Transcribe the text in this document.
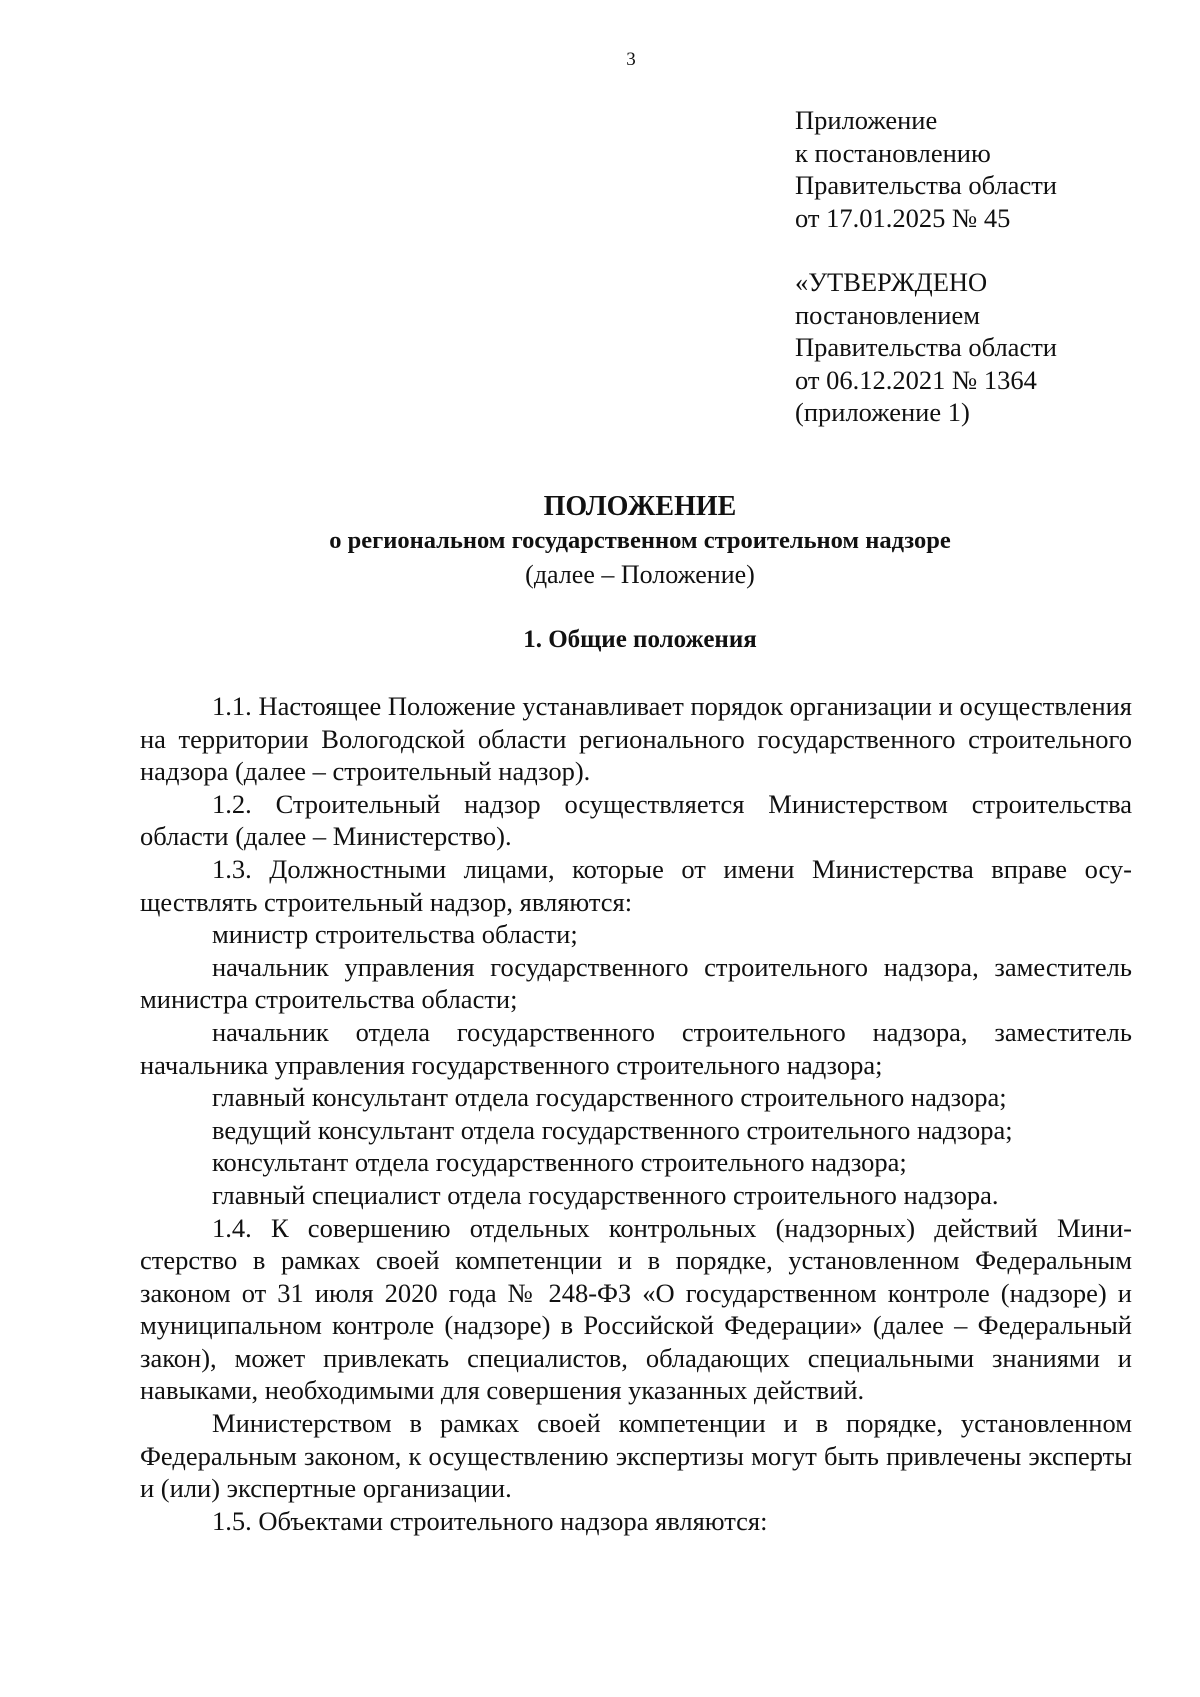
3
Приложение
к постановлению
Правительства области
от 17.01.2025 № 45
«УТВЕРЖДЕНО
постановлением
Правительства области
от 06.12.2021 № 1364
(приложение 1)
ПОЛОЖЕНИЕ
о региональном государственном строительном надзоре
(далее – Положение)
1. Общие положения

1.1. Настоящее Положение устанавливает порядок организации и осуществления на территории Вологодской области регионального государственного строительного надзора (далее – строительный надзор).

1.2. Строительный надзор осуществляется Министерством строительства области (далее – Министерство).

1.3. Должностными лицами, которые от имени Министерства вправе осуществлять строительный надзор, являются:

министр строительства области;

начальник управления государственного строительного надзора, заместитель министра строительства области;

начальник отдела государственного строительного надзора, заместитель начальника управления государственного строительного надзора;

главный консультант отдела государственного строительного надзора;

ведущий консультант отдела государственного строительного надзора;

консультант отдела государственного строительного надзора;

главный специалист отдела государственного строительного надзора.

1.4. К совершению отдельных контрольных (надзорных) действий Министерство в рамках своей компетенции и в порядке, установленном Федеральным законом от 31 июля 2020 года № 248-ФЗ «О государственном контроле (надзоре) и муниципальном контроле (надзоре) в Российской Федерации» (далее – Федеральный закон), может привлекать специалистов, обладающих специальными знаниями и навыками, необходимыми для совершения указанных действий.

Министерством в рамках своей компетенции и в порядке, установленном Федеральным законом, к осуществлению экспертизы могут быть привлечены эксперты и (или) экспертные организации.

1.5. Объектами строительного надзора являются:
